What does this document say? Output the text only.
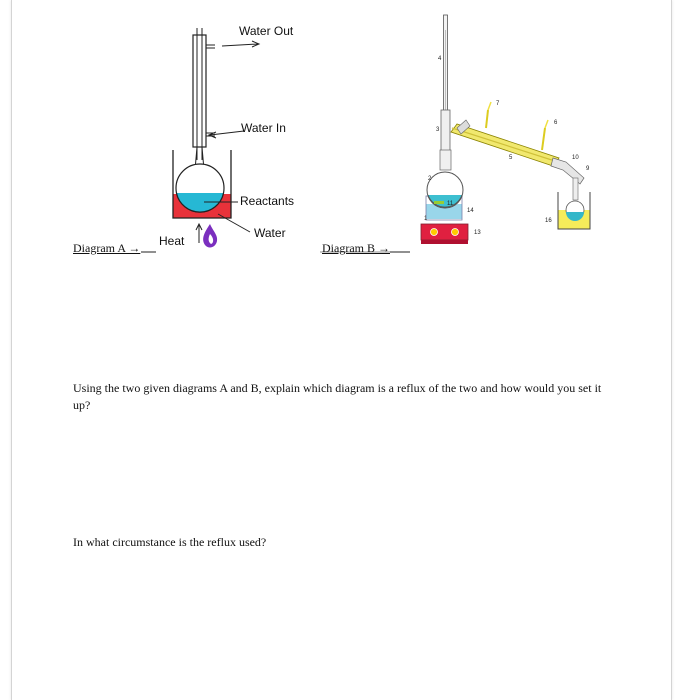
Water Out
Water In
Reactants
Water
Heat
Diagram A →	Diagram B →
1
2
3
4
5
6
7
9
10
11
13
14
16
Using the two given diagrams A and B, explain which diagram is a reflux of the two and how would you set it up?
In what circumstance is the reflux used?
